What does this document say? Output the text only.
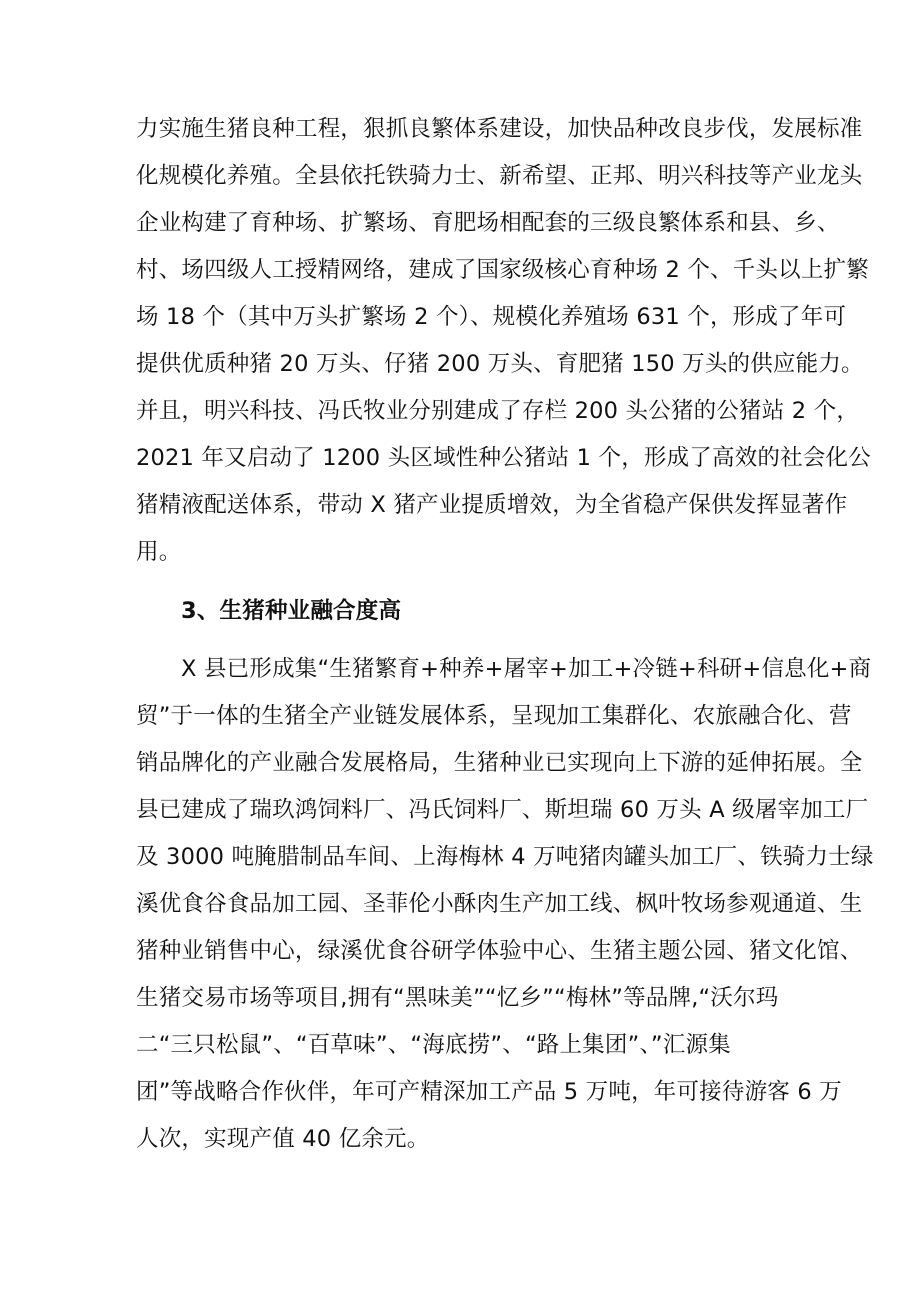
力实施生猪良种工程，狠抓良繁体系建设，加快品种改良步伐，发展标准
化规模化养殖。全县依托铁骑力士、新希望、正邦、明兴科技等产业龙头
企业构建了育种场、扩繁场、育肥场相配套的三级良繁体系和县、乡、
村、场四级人工授精网络，建成了国家级核心育种场 2 个、千头以上扩繁
场 18 个（其中万头扩繁场 2 个）、规模化养殖场 631 个，形成了年可
提供优质种猪 20 万头、仔猪 200 万头、育肥猪 150 万头的供应能力。
并且，明兴科技、冯氏牧业分别建成了存栏 200 头公猪的公猪站 2 个，
2021 年又启动了 1200 头区域性种公猪站 1 个，形成了高效的社会化公
猪精液配送体系，带动 X 猪产业提质增效，为全省稳产保供发挥显著作
用。
3、生猪种业融合度高
X 县已形成集“生猪繁育+种养+屠宰+加工+冷链+科研+信息化+商
贸”于一体的生猪全产业链发展体系，呈现加工集群化、农旅融合化、营
销品牌化的产业融合发展格局，生猪种业已实现向上下游的延伸拓展。全
县已建成了瑞玖鸿饲料厂、冯氏饲料厂、斯坦瑞 60 万头 A 级屠宰加工厂
及 3000 吨腌腊制品车间、上海梅林 4 万吨猪肉罐头加工厂、铁骑力士绿
溪优食谷食品加工园、圣菲伦小酥肉生产加工线、枫叶牧场参观通道、生
猪种业销售中心，绿溪优食谷研学体验中心、生猪主题公园、猪文化馆、
生猪交易市场等项目,拥有“黑味美”“忆乡”“梅林”等品牌,“沃尔玛
二“三只松鼠”、“百草味”、“海底捞”、“路上集团”、”汇源集
团”等战略合作伙伴，年可产精深加工产品 5 万吨，年可接待游客 6 万
人次，实现产值 40 亿余元。
